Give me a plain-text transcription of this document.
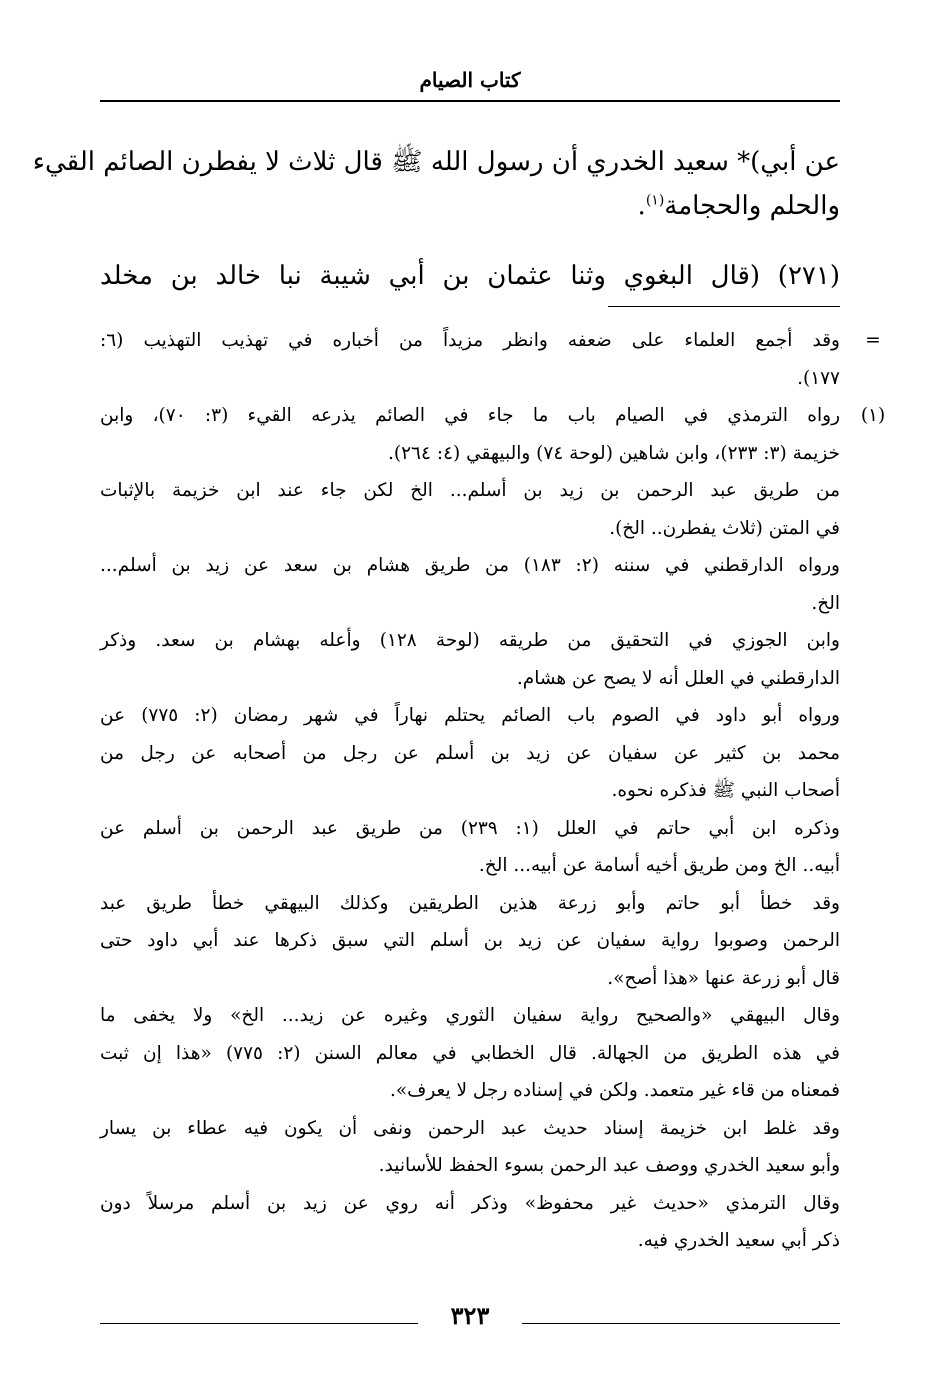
كتاب الصيام
عن أبي)* سعيد الخدري أن رسول الله ﷺ قال ثلاث لا يفطرن الصائم القيء
والحلم والحجامة$^{(١)}$.
(٢٧١) (قال البغوي وثنا عثمان بن أبي شيبة نبا خالد بن مخلد
=
وقد أجمع العلماء على ضعفه وانظر مزيداً من أخباره في تهذيب التهذيب (٦:
١٧٧).
(١)
رواه الترمذي في الصيام باب ما جاء في الصائم يذرعه القيء (٣: ٧٠)، وابن
خزيمة (٣: ٢٣٣)، وابن شاهين (لوحة ٧٤) والبيهقي (٤: ٢٦٤).
من طريق عبد الرحمن بن زيد بن أسلم... الخ لكن جاء عند ابن خزيمة بالإثبات
في المتن (ثلاث يفطرن.. الخ).
ورواه الدارقطني في سننه (٢: ١٨٣) من طريق هشام بن سعد عن زيد بن أسلم...
الخ.
وابن الجوزي في التحقيق من طريقه (لوحة ١٢٨) وأعله بهشام بن سعد. وذكر
الدارقطني في العلل أنه لا يصح عن هشام.
ورواه أبو داود في الصوم باب الصائم يحتلم نهاراً في شهر رمضان (٢: ٧٧٥) عن
محمد بن كثير عن سفيان عن زيد بن أسلم عن رجل من أصحابه عن رجل من
أصحاب النبي ﷺ فذكره نحوه.
وذكره ابن أبي حاتم في العلل (١: ٢٣٩) من طريق عبد الرحمن بن أسلم عن
أبيه.. الخ ومن طريق أخيه أسامة عن أبيه... الخ.
وقد خطأ أبو حاتم وأبو زرعة هذين الطريقين وكذلك البيهقي خطأ طريق عبد
الرحمن وصوبوا رواية سفيان عن زيد بن أسلم التي سبق ذكرها عند أبي داود حتى
قال أبو زرعة عنها «هذا أصح».
وقال البيهقي «والصحيح رواية سفيان الثوري وغيره عن زيد... الخ» ولا يخفى ما
في هذه الطريق من الجهالة. قال الخطابي في معالم السنن (٢: ٧٧٥) «هذا إن ثبت
فمعناه من قاء غير متعمد. ولكن في إسناده رجل لا يعرف».
وقد غلط ابن خزيمة إسناد حديث عبد الرحمن ونفى أن يكون فيه عطاء بن يسار
وأبو سعيد الخدري ووصف عبد الرحمن بسوء الحفظ للأسانيد.
وقال الترمذي «حديث غير محفوظ» وذكر أنه روي عن زيد بن أسلم مرسلاً دون
ذكر أبي سعيد الخدري فيه.
٣٢٣
